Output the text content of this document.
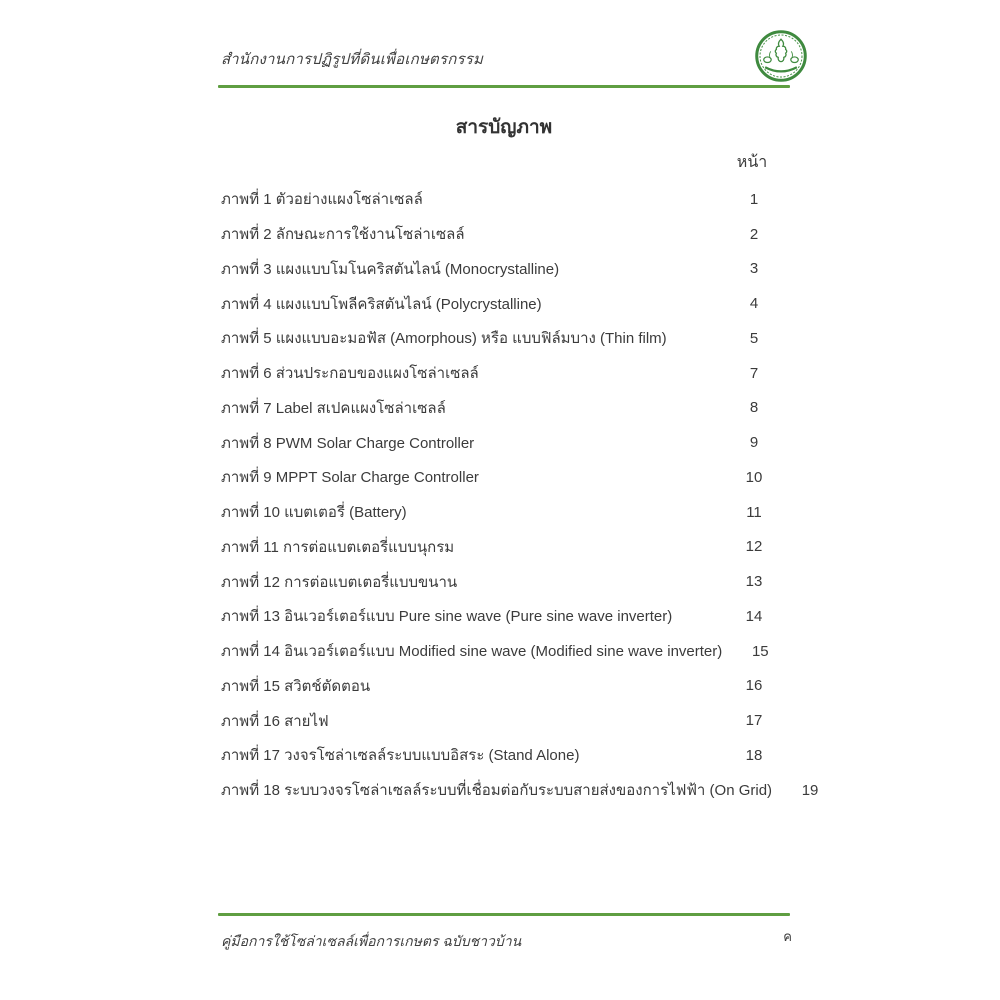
สำนักงานการปฏิรูปที่ดินเพื่อเกษตรกรรม
สารบัญภาพ
หน้า
ภาพที่ 1 ตัวอย่างแผงโซล่าเซลล์	1
ภาพที่ 2 ลักษณะการใช้งานโซล่าเซลล์	2
ภาพที่ 3 แผงแบบโมโนคริสตันไลน์ (Monocrystalline)	3
ภาพที่ 4 แผงแบบโพลีคริสตันไลน์ (Polycrystalline)	4
ภาพที่ 5 แผงแบบอะมอฟัส (Amorphous) หรือ แบบฟิล์มบาง (Thin film)	5
ภาพที่ 6 ส่วนประกอบของแผงโซล่าเซลล์	7
ภาพที่ 7 Label สเปคแผงโซล่าเซลล์	8
ภาพที่ 8 PWM Solar Charge Controller	9
ภาพที่ 9 MPPT Solar Charge Controller	10
ภาพที่ 10 แบตเตอรี่ (Battery)	11
ภาพที่ 11 การต่อแบตเตอรี่แบบนุกรม	12
ภาพที่ 12 การต่อแบตเตอรี่แบบขนาน	13
ภาพที่ 13 อินเวอร์เตอร์แบบ Pure sine wave (Pure sine wave inverter)	14
ภาพที่ 14 อินเวอร์เตอร์แบบ Modified sine wave (Modified sine wave inverter)	15
ภาพที่ 15 สวิตช์ตัดตอน	16
ภาพที่ 16 สายไฟ	17
ภาพที่ 17 วงจรโซล่าเซลล์ระบบแบบอิสระ (Stand Alone)	18
ภาพที่ 18 ระบบวงจรโซล่าเซลล์ระบบที่เชื่อมต่อกับระบบสายส่งของการไฟฟ้า (On Grid)	19
คู่มือการใช้โซล่าเซลล์เพื่อการเกษตร ฉบับชาวบ้าน	ค
